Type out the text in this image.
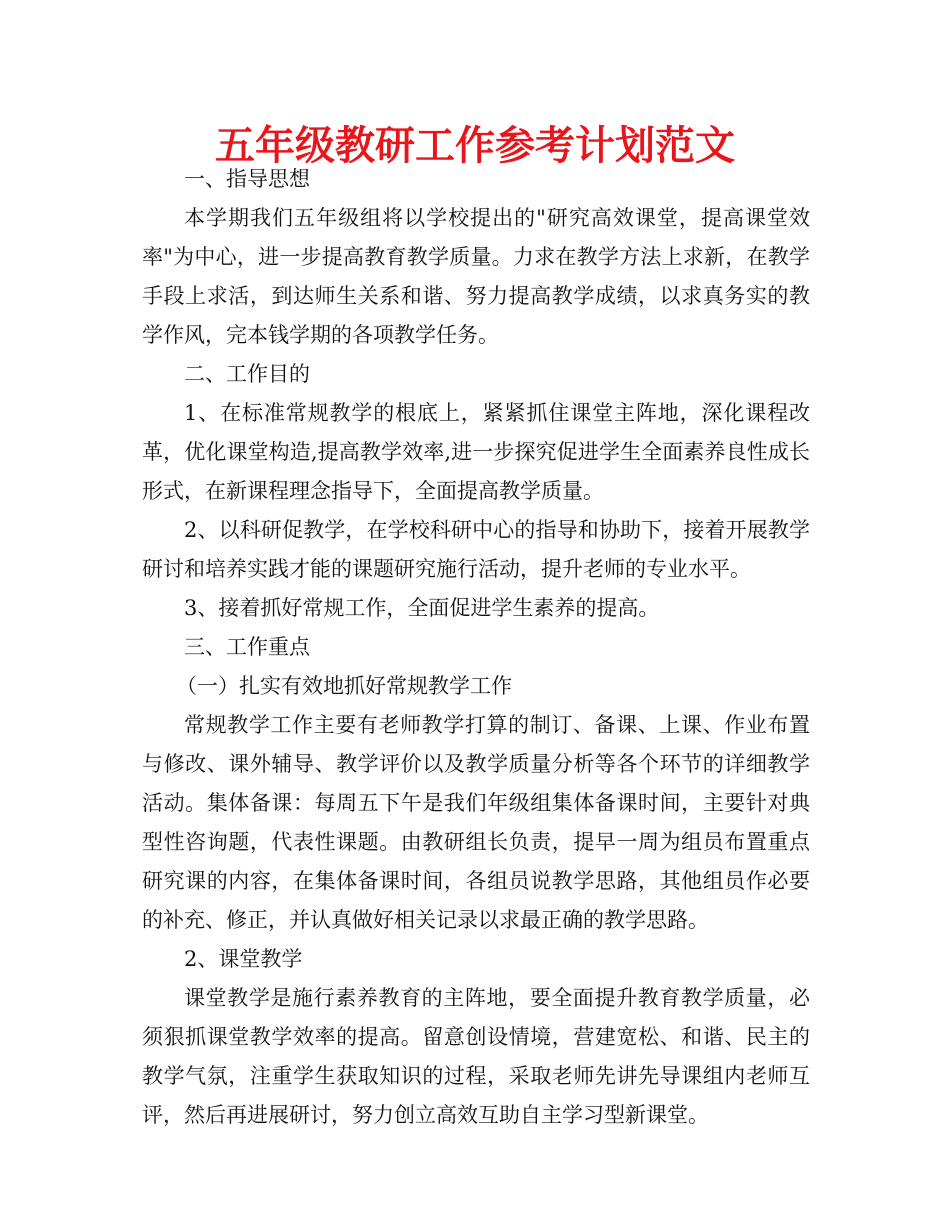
五年级教研工作参考计划范文

一、指导思想

本学期我们五年级组将以学校提出的"研究高效课堂，提高课堂效率"为中心，进一步提高教育教学质量。力求在教学方法上求新，在教学手段上求活，到达师生关系和谐、努力提高教学成绩，以求真务实的教学作风，完本钱学期的各项教学任务。

二、工作目的

1、在标准常规教学的根底上，紧紧抓住课堂主阵地，深化课程改革，优化课堂构造,提高教学效率,进一步探究促进学生全面素养良性成长形式，在新课程理念指导下，全面提高教学质量。

2、以科研促教学，在学校科研中心的指导和协助下，接着开展教学研讨和培养实践才能的课题研究施行活动，提升老师的专业水平。

3、接着抓好常规工作，全面促进学生素养的提高。

三、工作重点

（一）扎实有效地抓好常规教学工作

常规教学工作主要有老师教学打算的制订、备课、上课、作业布置与修改、课外辅导、教学评价以及教学质量分析等各个环节的详细教学活动。集体备课：每周五下午是我们年级组集体备课时间，主要针对典型性咨询题，代表性课题。由教研组长负责，提早一周为组员布置重点研究课的内容，在集体备课时间，各组员说教学思路，其他组员作必要的补充、修正，并认真做好相关记录以求最正确的教学思路。

2、课堂教学

课堂教学是施行素养教育的主阵地，要全面提升教育教学质量，必须狠抓课堂教学效率的提高。留意创设情境，营建宽松、和谐、民主的教学气氛，注重学生获取知识的过程，采取老师先讲先导课组内老师互评，然后再进展研讨，努力创立高效互助自主学习型新课堂。
